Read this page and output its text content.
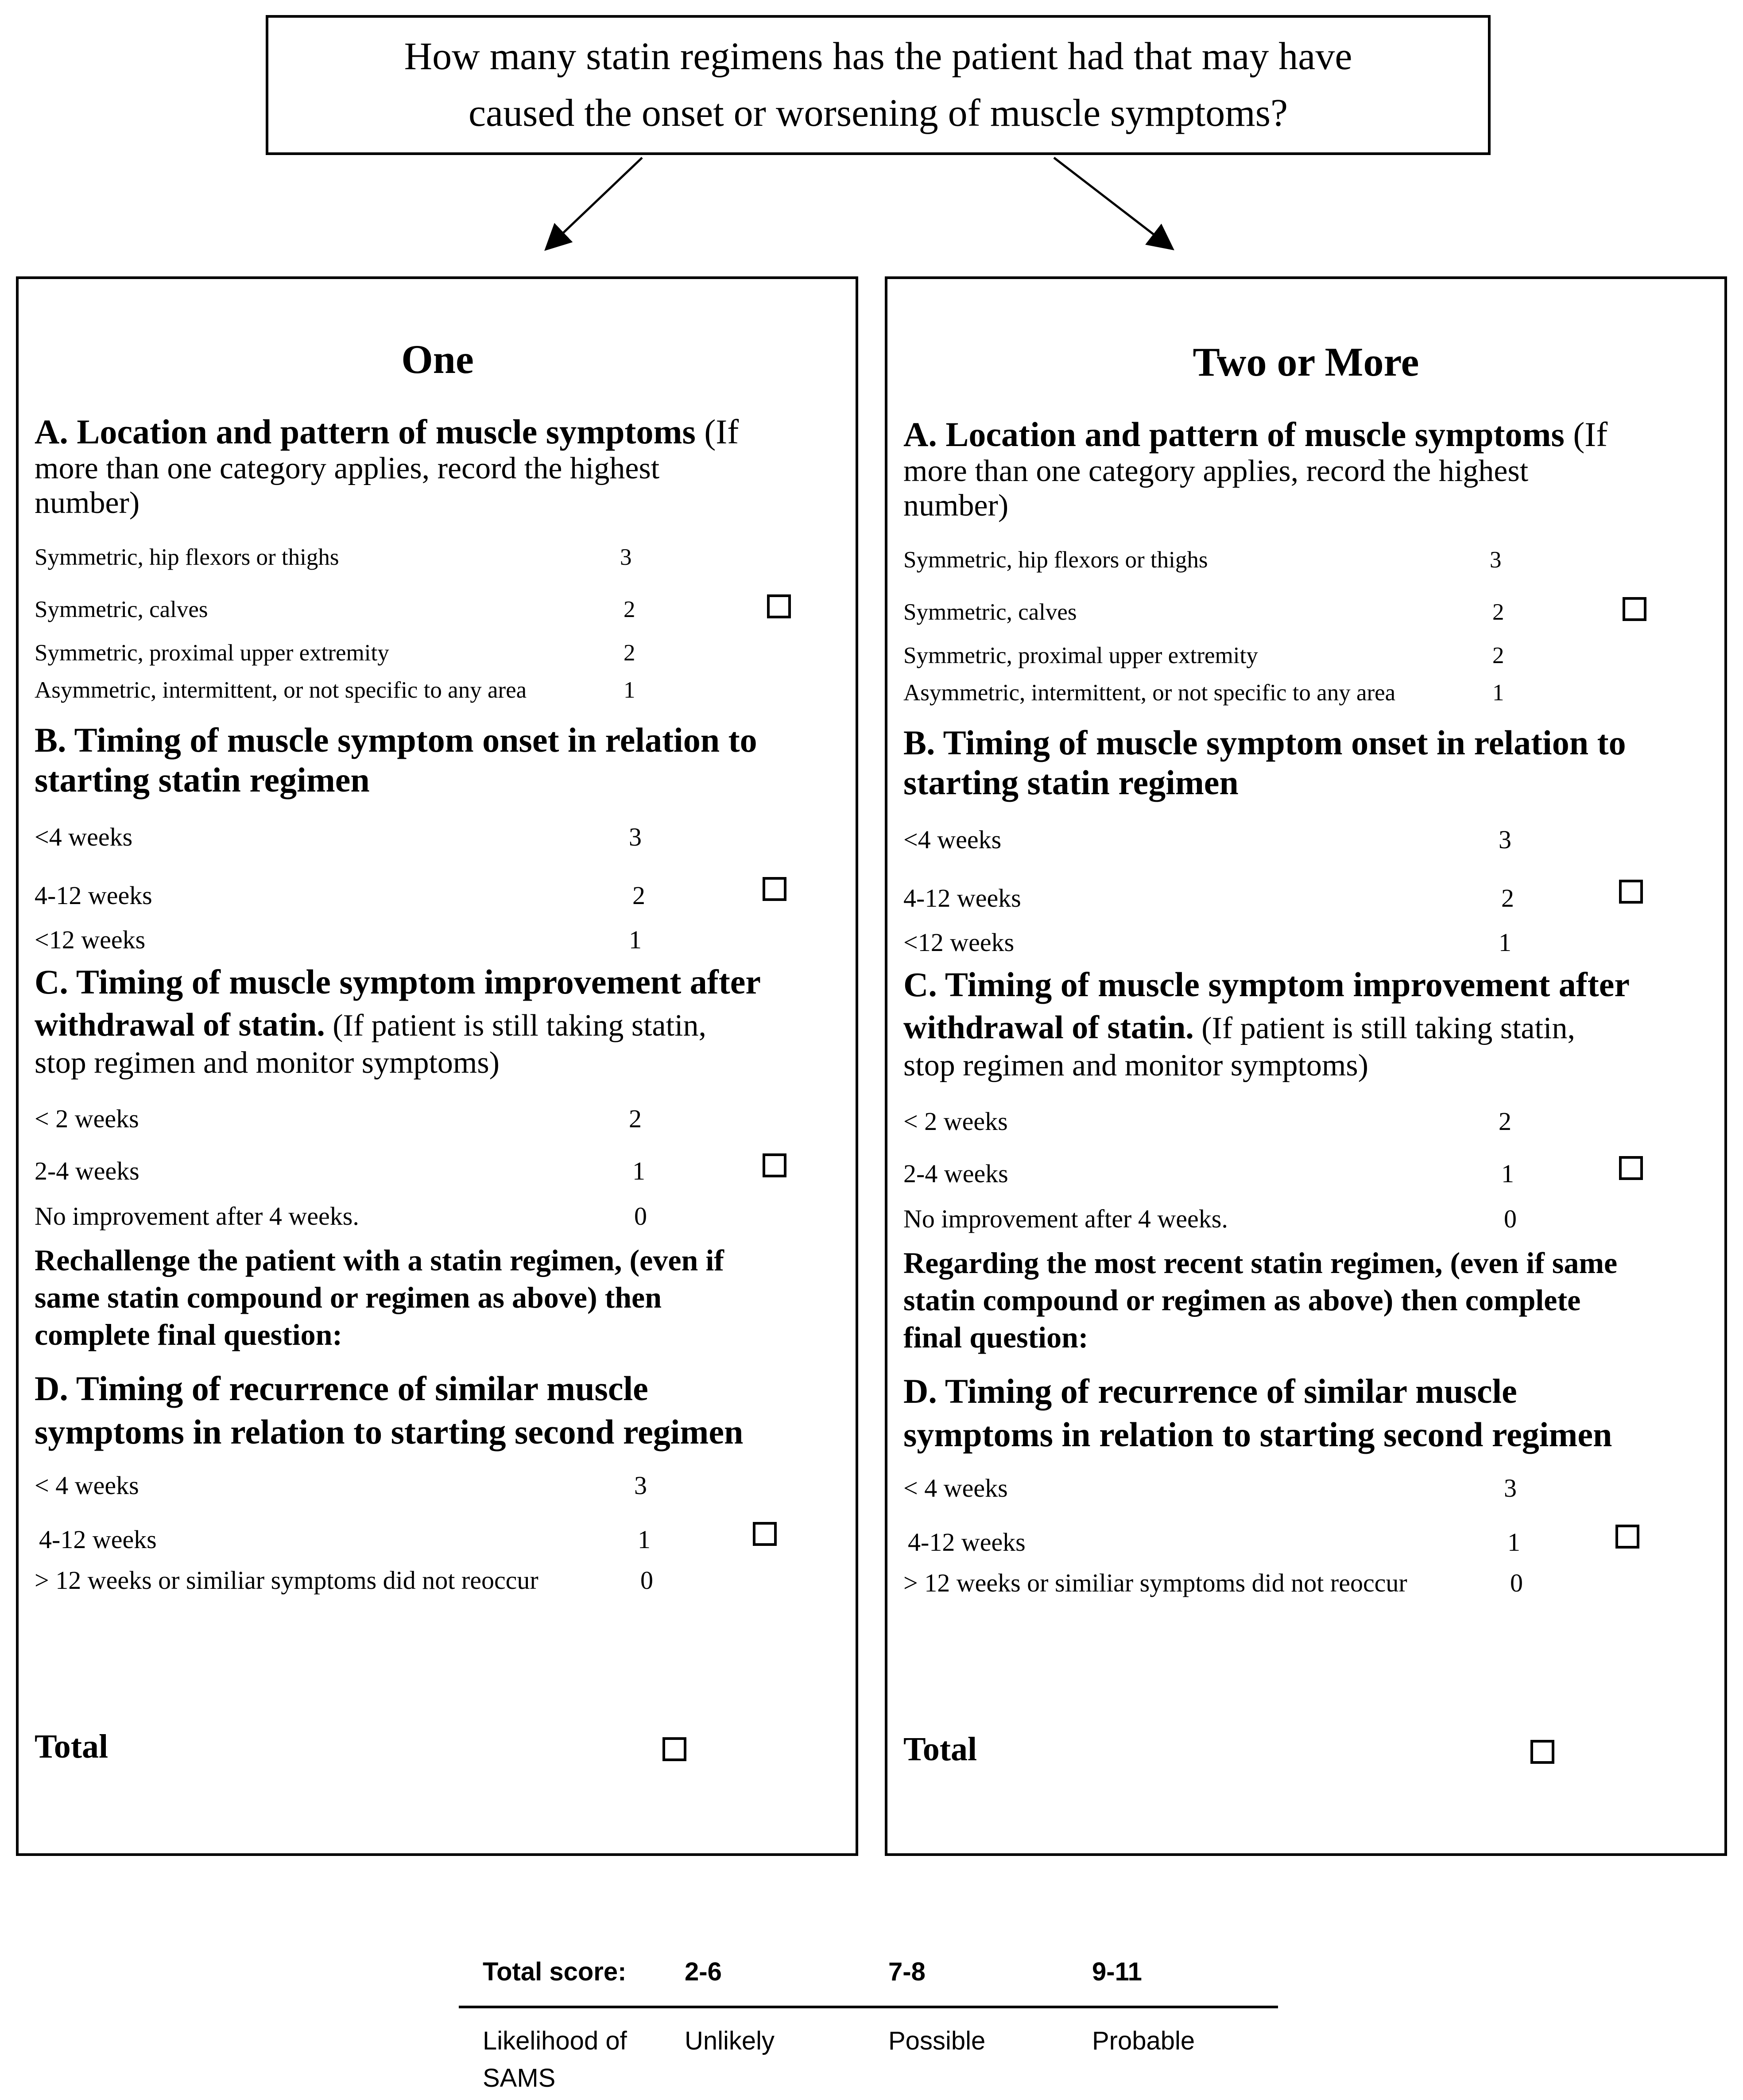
How many statin regimens has the patient had that may have
caused the onset or worsening of muscle symptoms?
One
A. Location and pattern of muscle symptoms (If
more than one category applies, record the highest
number)
Symmetric, hip flexors or thighs	3
Symmetric, calves	2
Symmetric, proximal upper extremity	2
Asymmetric, intermittent, or not specific to any area	1
B. Timing of muscle symptom onset in relation to
starting statin regimen
<4 weeks	3
4-12 weeks	2
<12 weeks	1
C. Timing of muscle symptom improvement after
withdrawal of statin. (If patient is still taking statin,
stop regimen and monitor symptoms)
< 2 weeks	2
2-4 weeks	1
No improvement after 4 weeks.	0
Rechallenge the patient with a statin regimen, (even if
same statin compound or regimen as above) then
complete final question:
D. Timing of recurrence of similar muscle
symptoms in relation to starting second regimen
< 4 weeks	3
4-12 weeks	1
> 12 weeks or similiar symptoms did not reoccur	0
Total
Two or More
A. Location and pattern of muscle symptoms (If
more than one category applies, record the highest
number)
Symmetric, hip flexors or thighs	3
Symmetric, calves	2
Symmetric, proximal upper extremity	2
Asymmetric, intermittent, or not specific to any area	1
B. Timing of muscle symptom onset in relation to
starting statin regimen
<4 weeks	3
4-12 weeks	2
<12 weeks	1
C. Timing of muscle symptom improvement after
withdrawal of statin. (If patient is still taking statin,
stop regimen and monitor symptoms)
< 2 weeks	2
2-4 weeks	1
No improvement after 4 weeks.	0
Regarding the most recent statin regimen, (even if same
statin compound or regimen as above) then complete
final question:
D. Timing of recurrence of similar muscle
symptoms in relation to starting second regimen
< 4 weeks	3
4-12 weeks	1
> 12 weeks or similiar symptoms did not reoccur	0
Total
Total score: 2-6	7-8	9-11
Likelihood of
SAMS
Unlikely	Possible	Probable
